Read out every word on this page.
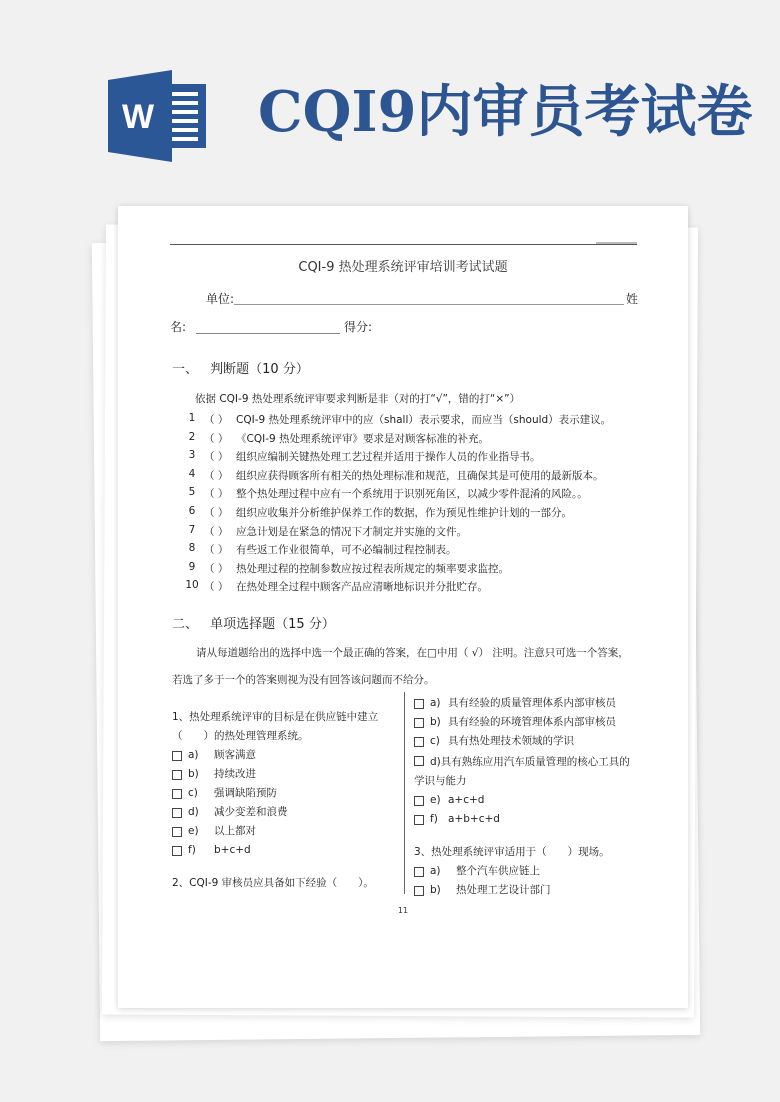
W CQI9内审员考试卷
CQI-9 热处理系统评审培训考试试题
单位:	姓
名:	得分:
一、 判断题（10 分）
依据 CQI-9 热处理系统评审要求判断是非（对的打“√”，错的打“×”）
1 （ ） CQI-9 热处理系统评审中的应（shall）表示要求，而应当（should）表示建议。
2 （ ） 《CQI-9 热处理系统评审》要求是对顾客标准的补充。
3 （ ） 组织应编制关键热处理工艺过程并适用于操作人员的作业指导书。
4 （ ） 组织应获得顾客所有相关的热处理标准和规范，且确保其是可使用的最新版本。
5 （ ） 整个热处理过程中应有一个系统用于识别死角区，以减少零件混淆的风险。。
6 （ ） 组织应收集并分析维护保养工作的数据，作为预见性维护计划的一部分。
7 （ ） 应急计划是在紧急的情况下才制定并实施的文件。
8 （ ） 有些返工作业很简单，可不必编制过程控制表。
9 （ ） 热处理过程的控制参数应按过程表所规定的频率要求监控。
10 （ ） 在热处理全过程中顾客产品应清晰地标识并分批贮存。
二、 单项选择题（15 分）
请从每道题给出的选择中选一个最正确的答案，在□中用（ √） 注明。注意只可选一个答案，若选了多于一个的答案则视为没有回答该问题而不给分。
1、热处理系统评审的目标是在供应链中建立
（　　）的热处理管理系统。
a)	顾客满意
b)	持续改进
c)	强调缺陷预防
d)	减少变差和浪费
e)	以上都对
f)	b+c+d
2、CQI-9 审核员应具备如下经验（　　）。
a) 具有经验的质量管理体系内部审核员
b) 具有经验的环境管理体系内部审核员
c) 具有热处理技术领域的学识
d)具有熟练应用汽车质量管理的核心工具的学识与能力
e) a+c+d
f) a+b+c+d
3、热处理系统评审适用于（　　）现场。
a)	整个汽车供应链上
b)	热处理工艺设计部门
11
